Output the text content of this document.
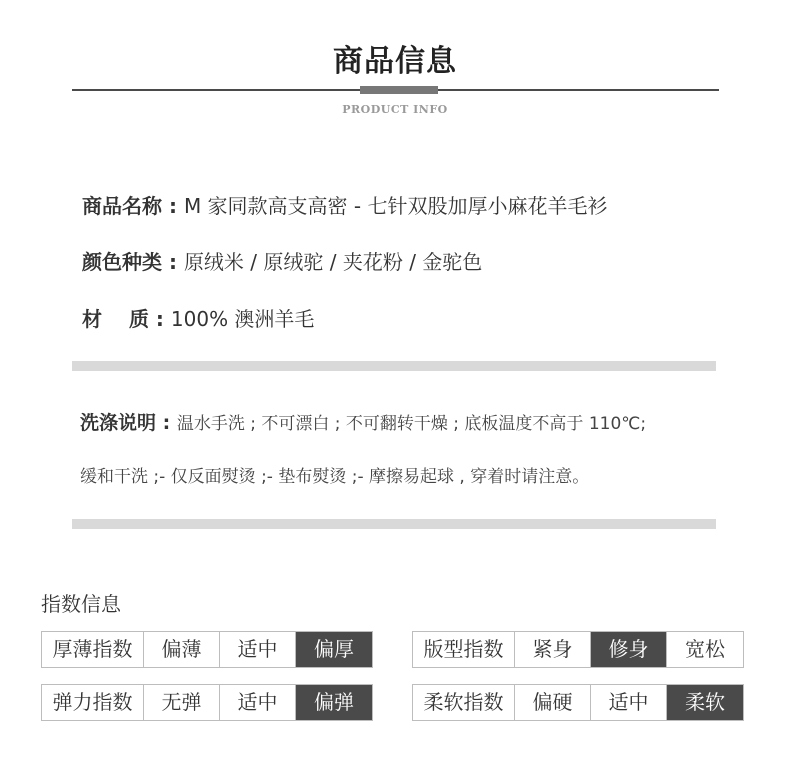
商品信息
PRODUCT INFO
商品名称 : M 家同款高支高密 - 七针双股加厚小麻花羊毛衫
颜色种类 : 原绒米 / 原绒驼 / 夹花粉 / 金驼色
材　 质 : 100% 澳洲羊毛
洗涤说明 : 温水手洗 ; 不可漂白 ; 不可翻转干燥 ; 底板温度不高于 110℃;
缓和干洗 ;- 仅反面熨烫 ;- 垫布熨烫 ;- 摩擦易起球 , 穿着时请注意。
指数信息
厚薄指数	偏薄	适中	偏厚	版型指数	紧身	修身	宽松
弹力指数	无弹	适中	偏弹	柔软指数	偏硬	适中	柔软
